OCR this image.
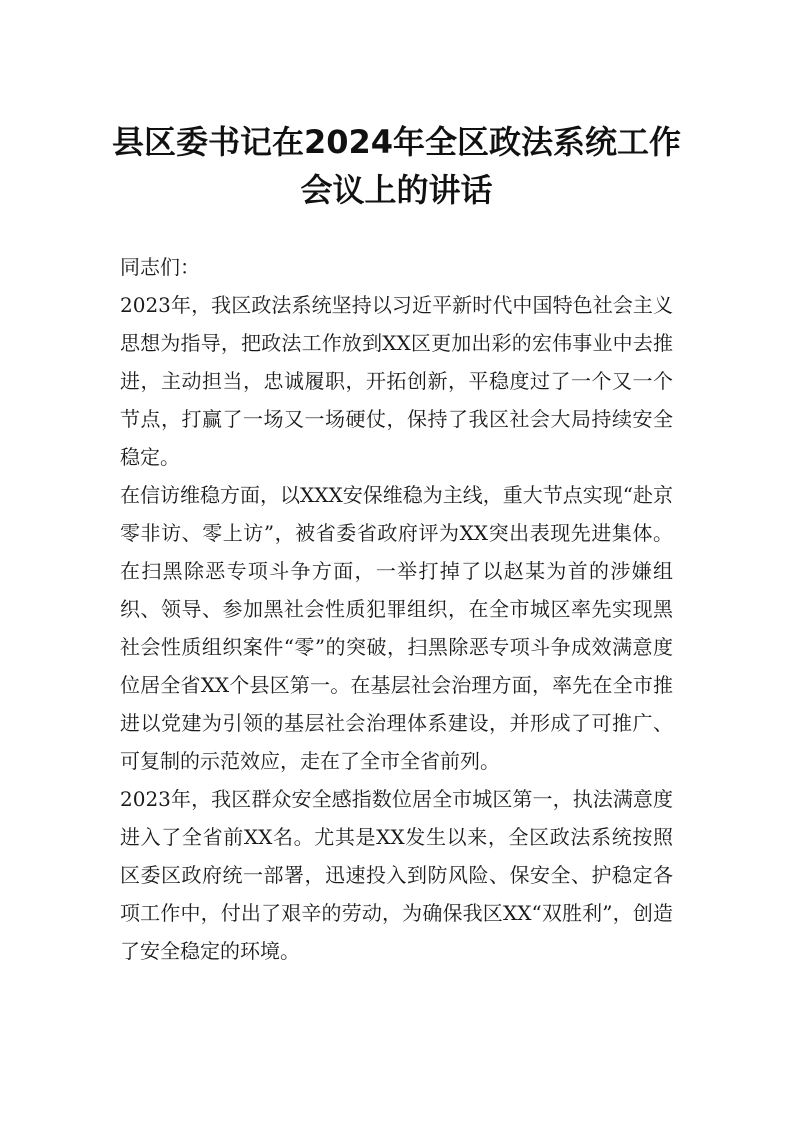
县区委书记在2024年全区政法系统工作会议上的讲话

同志们：

2023年，我区政法系统坚持以习近平新时代中国特色社会主义思想为指导，把政法工作放到XX区更加出彩的宏伟事业中去推进，主动担当，忠诚履职，开拓创新，平稳度过了一个又一个节点，打赢了一场又一场硬仗，保持了我区社会大局持续安全稳定。

在信访维稳方面，以XXX安保维稳为主线，重大节点实现“赴京零非访、零上访”，被省委省政府评为XX突出表现先进集体。在扫黑除恶专项斗争方面，一举打掉了以赵某为首的涉嫌组织、领导、参加黑社会性质犯罪组织，在全市城区率先实现黑社会性质组织案件“零”的突破，扫黑除恶专项斗争成效满意度位居全省XX个县区第一。在基层社会治理方面，率先在全市推进以党建为引领的基层社会治理体系建设，并形成了可推广、可复制的示范效应，走在了全市全省前列。

2023年，我区群众安全感指数位居全市城区第一，执法满意度进入了全省前XX名。尤其是XX发生以来，全区政法系统按照区委区政府统一部署，迅速投入到防风险、保安全、护稳定各项工作中，付出了艰辛的劳动，为确保我区XX“双胜利”，创造了安全稳定的环境。
